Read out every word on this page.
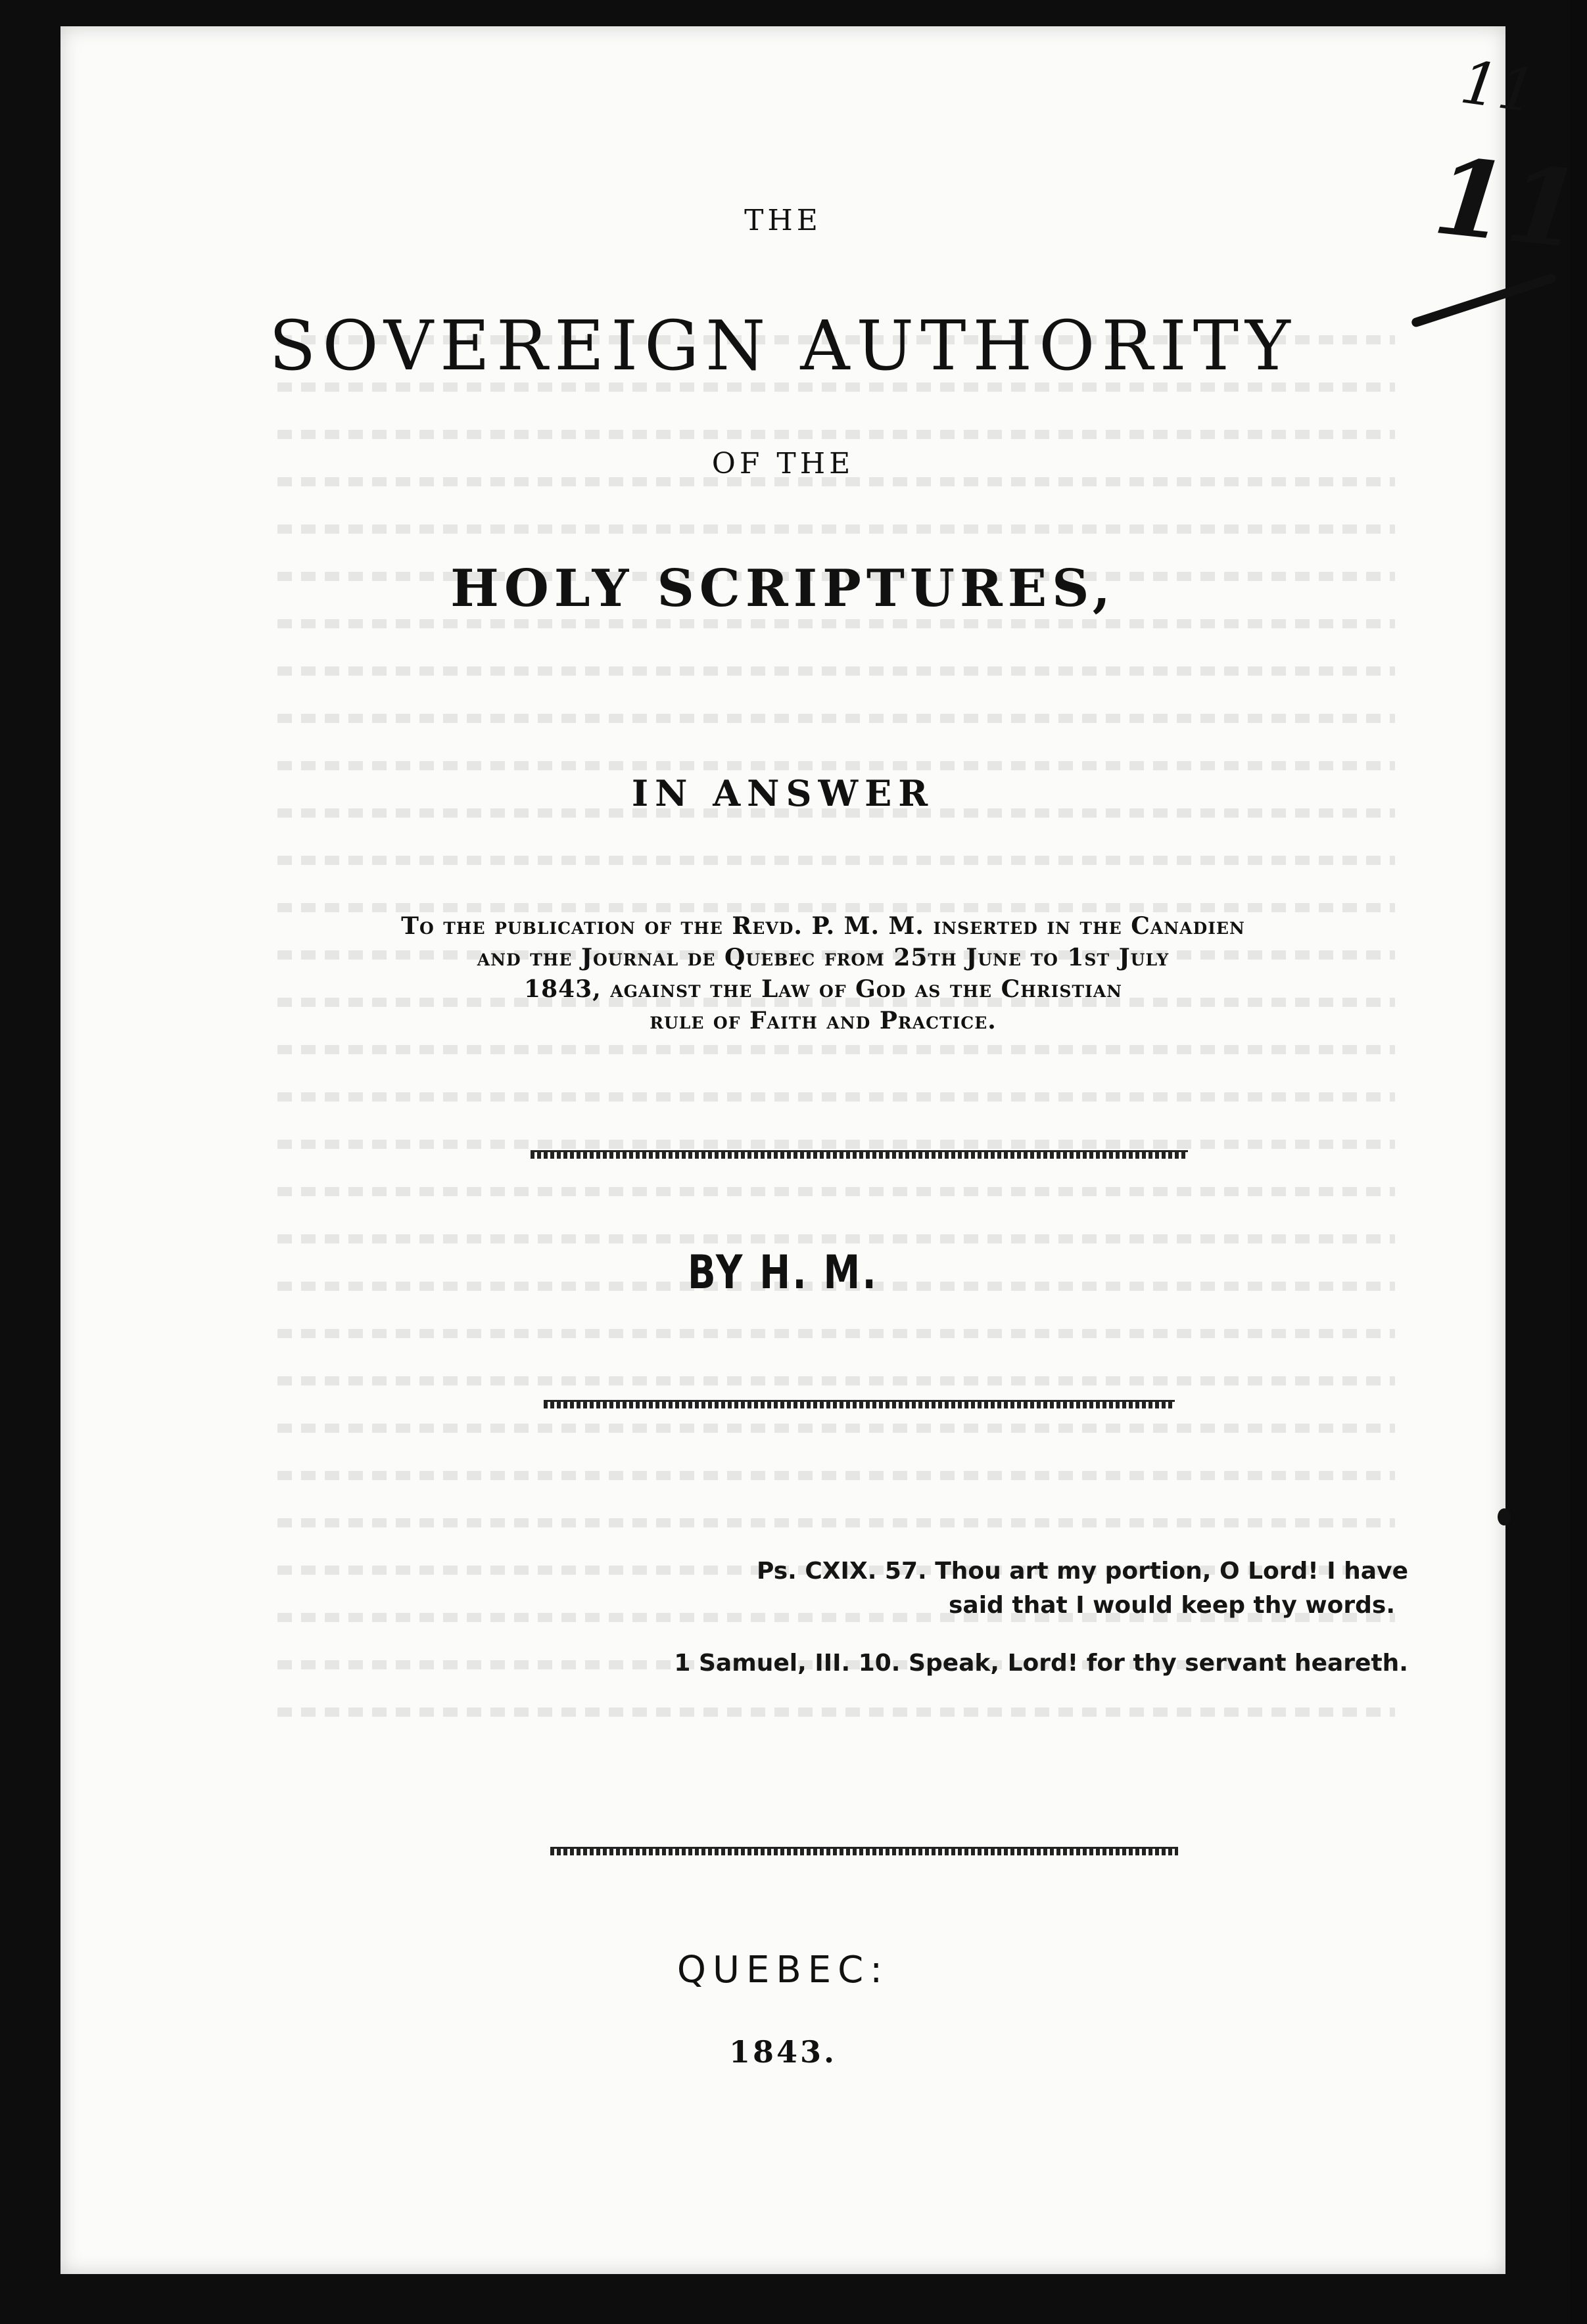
THE
SOVEREIGN AUTHORITY
OF THE
HOLY SCRIPTURES,
IN ANSWER
To the publication of the Revd. P. M. M. inserted in the Canadien
and the Journal de Quebec from 25th June to 1st July
1843, against the Law of God as the Christian
rule of Faith and Practice.
BY H. M.
Ps. CXIX. 57. Thou art my portion, O Lord! I have
said that I would keep thy words.
1 Samuel, III. 10. Speak, Lord! for thy servant heareth.
QUEBEC:
1843.
11
11
